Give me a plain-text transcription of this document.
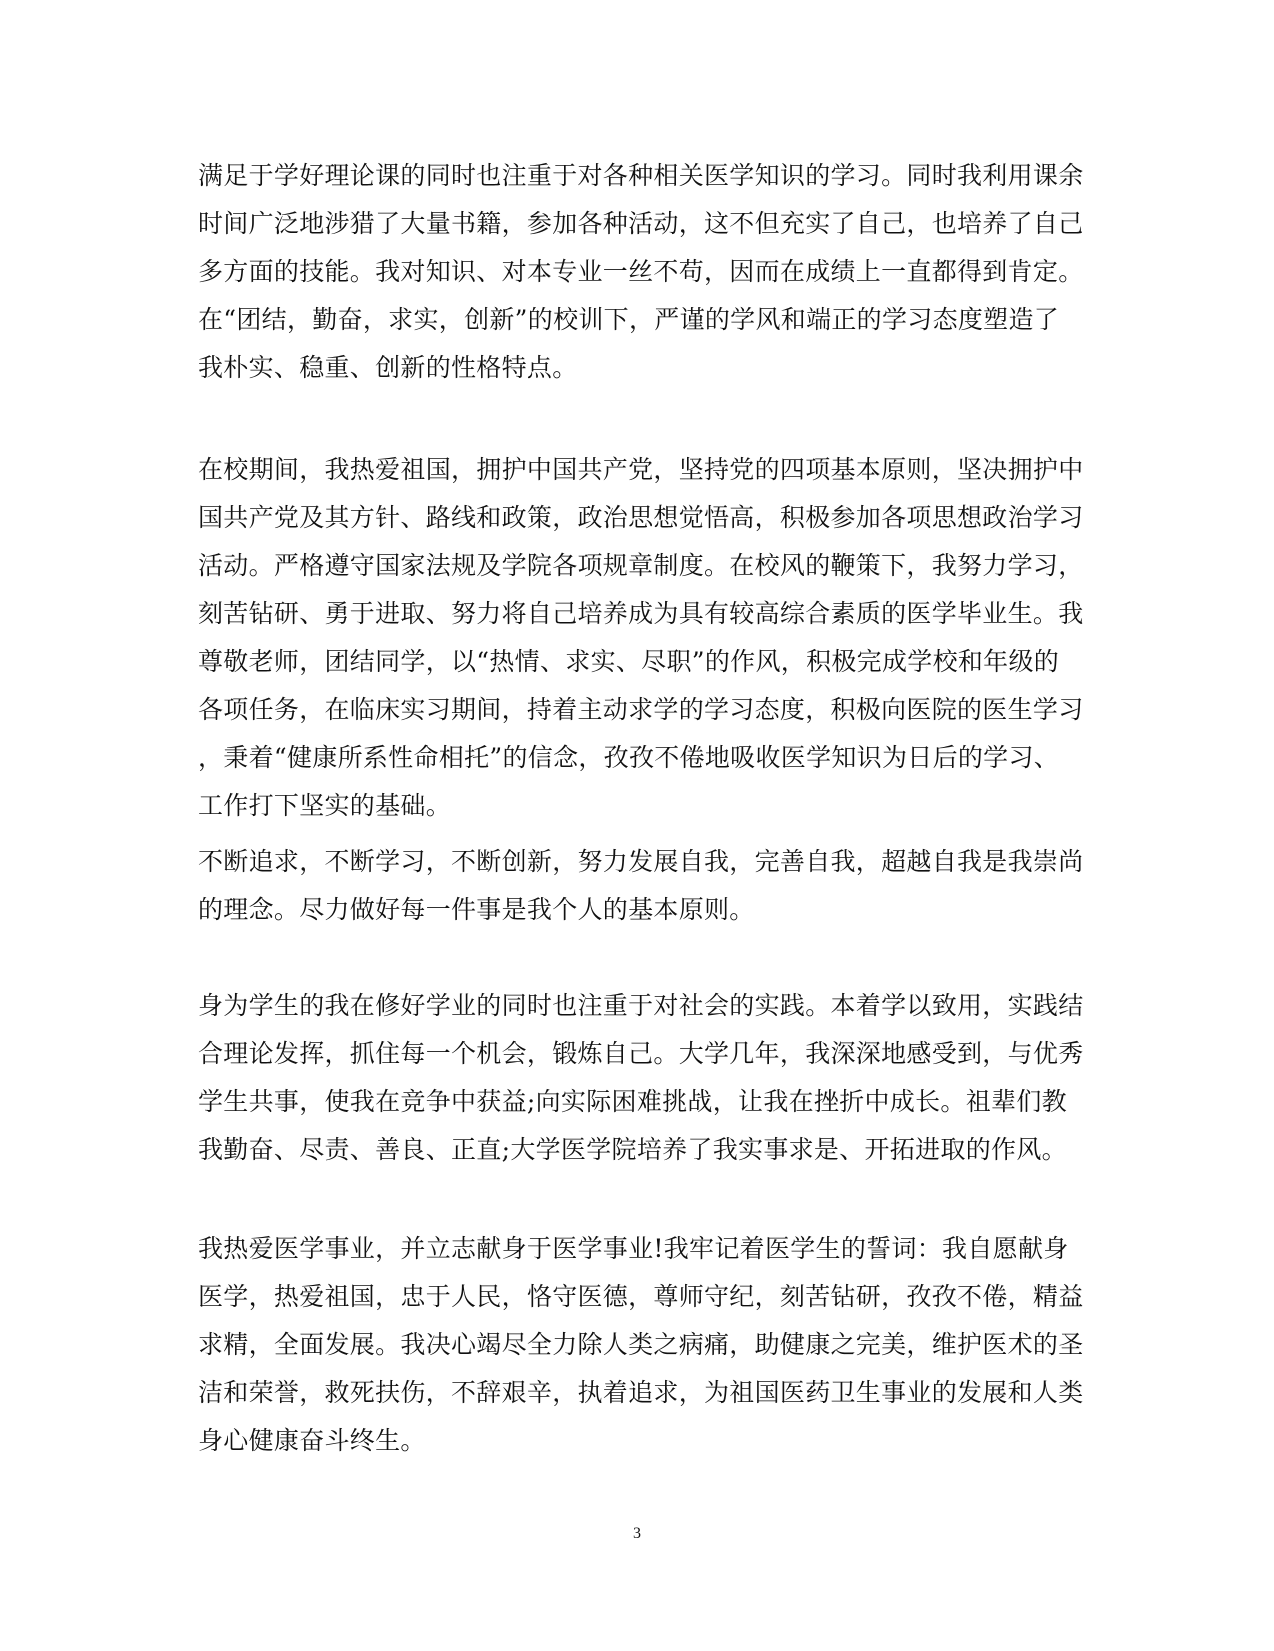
满足于学好理论课的同时也注重于对各种相关医学知识的学习。同时我利用课余
时间广泛地涉猎了大量书籍，参加各种活动，这不但充实了自己，也培养了自己
多方面的技能。我对知识、对本专业一丝不苟，因而在成绩上一直都得到肯定。
在“团结，勤奋，求实，创新”的校训下，严谨的学风和端正的学习态度塑造了
我朴实、稳重、创新的性格特点。
在校期间，我热爱祖国，拥护中国共产党，坚持党的四项基本原则，坚决拥护中
国共产党及其方针、路线和政策，政治思想觉悟高，积极参加各项思想政治学习
活动。严格遵守国家法规及学院各项规章制度。在校风的鞭策下，我努力学习，
刻苦钻研、勇于进取、努力将自己培养成为具有较高综合素质的医学毕业生。我
尊敬老师，团结同学，以“热情、求实、尽职”的作风，积极完成学校和年级的
各项任务，在临床实习期间，持着主动求学的学习态度，积极向医院的医生学习
，秉着“健康所系性命相托”的信念，孜孜不倦地吸收医学知识为日后的学习、
工作打下坚实的基础。
不断追求，不断学习，不断创新，努力发展自我，完善自我，超越自我是我崇尚
的理念。尽力做好每一件事是我个人的基本原则。
身为学生的我在修好学业的同时也注重于对社会的实践。本着学以致用，实践结
合理论发挥，抓住每一个机会，锻炼自己。大学几年，我深深地感受到，与优秀
学生共事，使我在竞争中获益;向实际困难挑战，让我在挫折中成长。祖辈们教
我勤奋、尽责、善良、正直;大学医学院培养了我实事求是、开拓进取的作风。
我热爱医学事业，并立志献身于医学事业!我牢记着医学生的誓词：我自愿献身
医学，热爱祖国，忠于人民，恪守医德，尊师守纪，刻苦钻研，孜孜不倦，精益
求精，全面发展。我决心竭尽全力除人类之病痛，助健康之完美，维护医术的圣
洁和荣誉，救死扶伤，不辞艰辛，执着追求，为祖国医药卫生事业的发展和人类
身心健康奋斗终生。
3
